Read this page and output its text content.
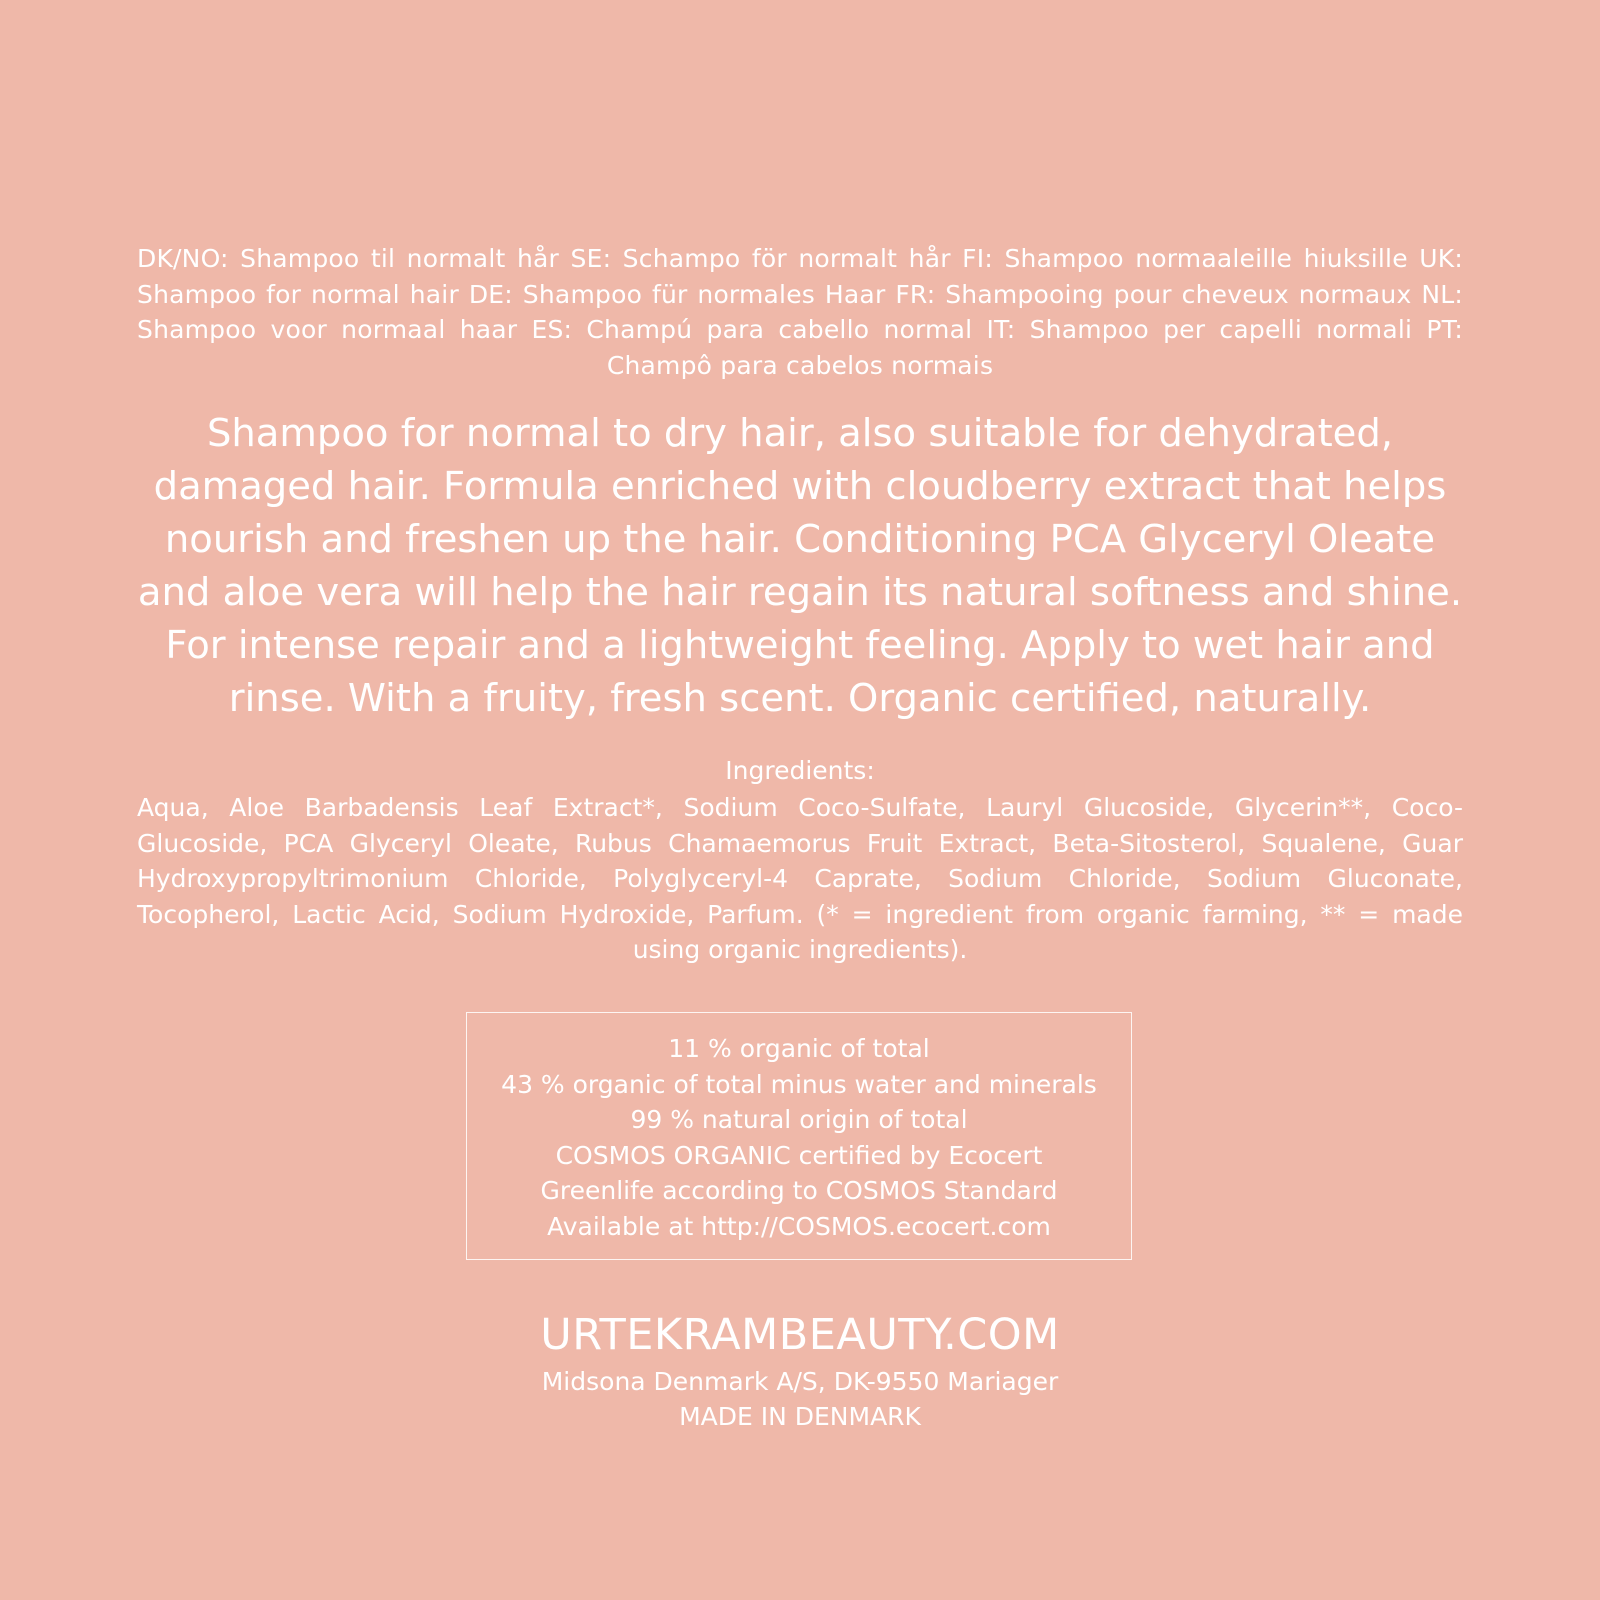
DK/NO: Shampoo til normalt hår SE: Schampo för normalt hår FI: Shampoo normaaleille hiuksille UK: Shampoo for normal hair DE: Shampoo für normales Haar FR: Shampooing pour cheveux normaux NL: Shampoo voor normaal haar ES: Champú para cabello normal IT: Shampoo per capelli normali PT: Champô para cabelos normais
Shampoo for normal to dry hair, also suitable for dehydrated, damaged hair. Formula enriched with cloudberry extract that helps nourish and freshen up the hair. Conditioning PCA Glyceryl Oleate and aloe vera will help the hair regain its natural softness and shine. For intense repair and a lightweight feeling. Apply to wet hair and rinse. With a fruity, fresh scent. Organic certified, naturally.
Ingredients:
Aqua, Aloe Barbadensis Leaf Extract*, Sodium Coco-Sulfate, Lauryl Glucoside, Glycerin**, Coco-Glucoside, PCA Glyceryl Oleate, Rubus Chamaemorus Fruit Extract, Beta-Sitosterol, Squalene, Guar Hydroxypropyltrimonium Chloride, Polyglyceryl-4 Caprate, Sodium Chloride, Sodium Gluconate, Tocopherol, Lactic Acid, Sodium Hydroxide, Parfum. (* = ingredient from organic farming, ** = made using organic ingredients).
11 % organic of total
43 % organic of total minus water and minerals
99 % natural origin of total
COSMOS ORGANIC certified by Ecocert
Greenlife according to COSMOS Standard
Available at http://COSMOS.ecocert.com
URTEKRAMBEAUTY.COM
Midsona Denmark A/S, DK-9550 Mariager
MADE IN DENMARK
